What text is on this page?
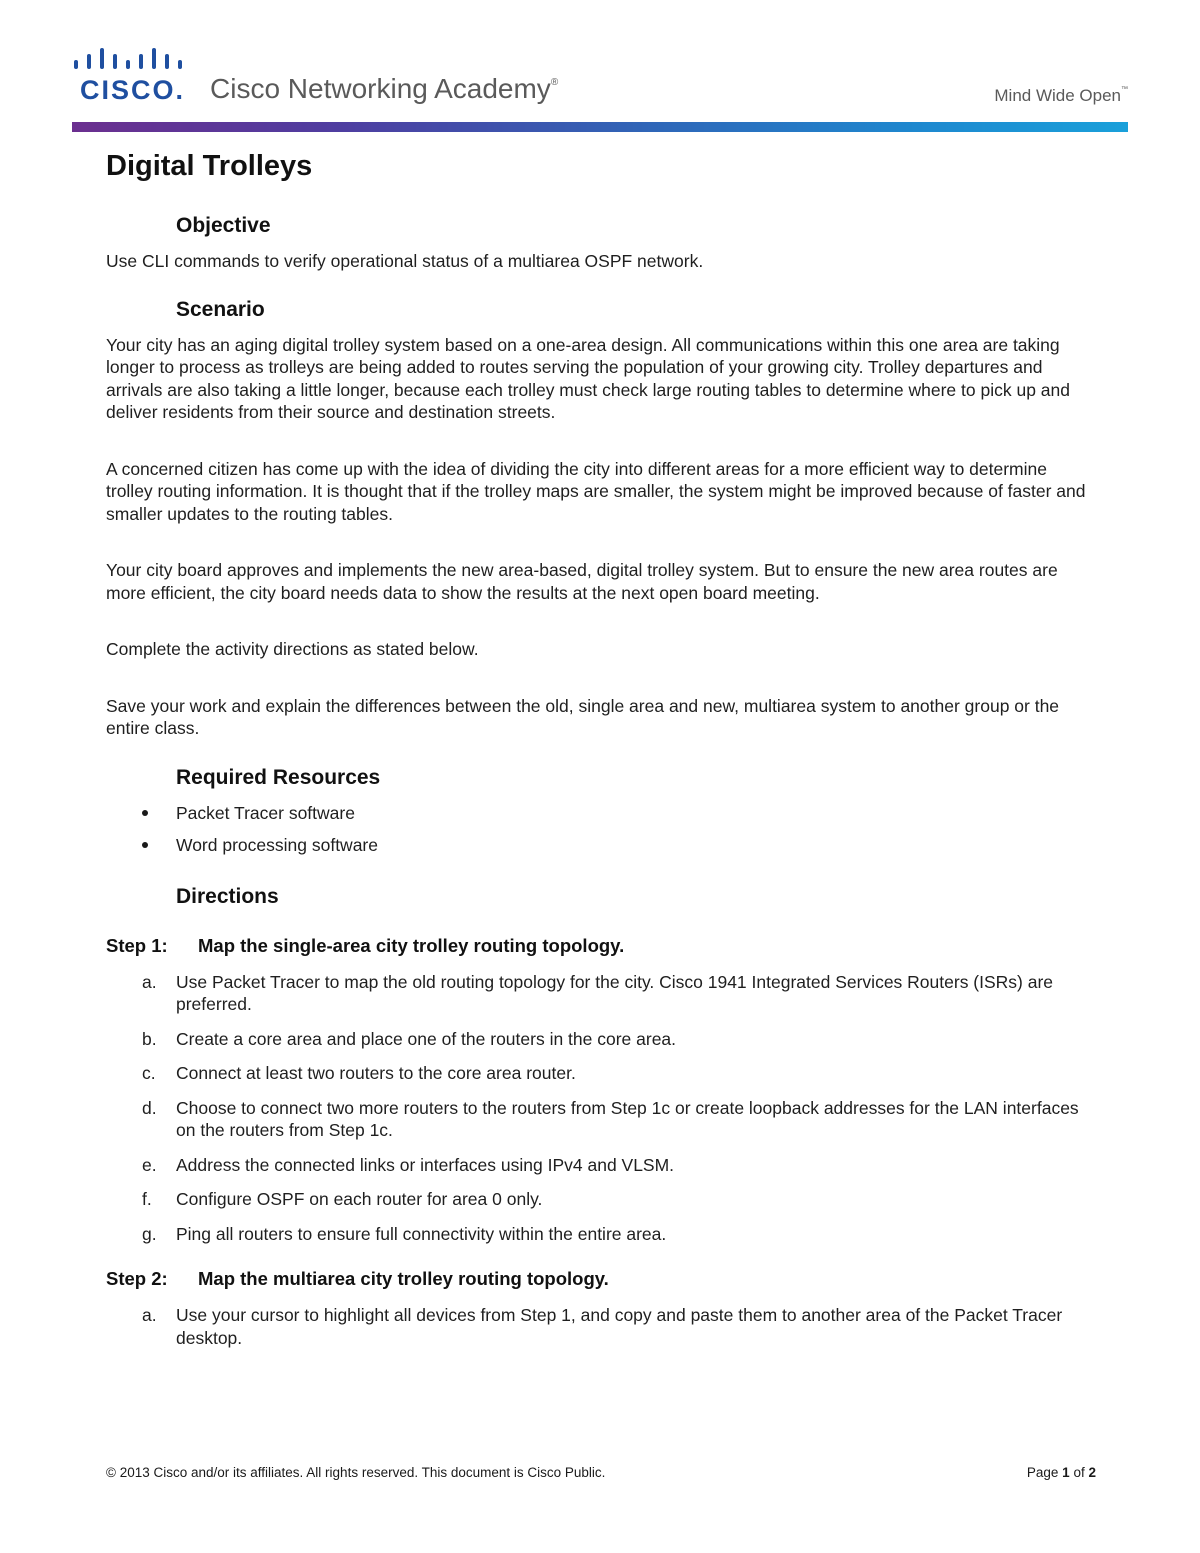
CISCO. Cisco Networking Academy®
Mind Wide Open™
Digital Trolleys
Objective

Use CLI commands to verify operational status of a multiarea OSPF network.

Scenario

Your city has an aging digital trolley system based on a one-area design. All communications within this one area are taking longer to process as trolleys are being added to routes serving the population of your growing city. Trolley departures and arrivals are also taking a little longer, because each trolley must check large routing tables to determine where to pick up and deliver residents from their source and destination streets.

A concerned citizen has come up with the idea of dividing the city into different areas for a more efficient way to determine trolley routing information. It is thought that if the trolley maps are smaller, the system might be improved because of faster and smaller updates to the routing tables.

Your city board approves and implements the new area-based, digital trolley system. But to ensure the new area routes are more efficient, the city board needs data to show the results at the next open board meeting.

Complete the activity directions as stated below.

Save your work and explain the differences between the old, single area and new, multiarea system to another group or the entire class.

Required Resources
Packet Tracer software
Word processing software
Directions
Step 1: Map the single-area city trolley routing topology.
a. Use Packet Tracer to map the old routing topology for the city. Cisco 1941 Integrated Services Routers (ISRs) are preferred.
b. Create a core area and place one of the routers in the core area.
c. Connect at least two routers to the core area router.
d. Choose to connect two more routers to the routers from Step 1c or create loopback addresses for the LAN interfaces on the routers from Step 1c.
e. Address the connected links or interfaces using IPv4 and VLSM.
f. Configure OSPF on each router for area 0 only.
g. Ping all routers to ensure full connectivity within the entire area.
Step 2: Map the multiarea city trolley routing topology.
a. Use your cursor to highlight all devices from Step 1, and copy and paste them to another area of the Packet Tracer desktop.
© 2013 Cisco and/or its affiliates. All rights reserved. This document is Cisco Public.	Page 1 of 2
